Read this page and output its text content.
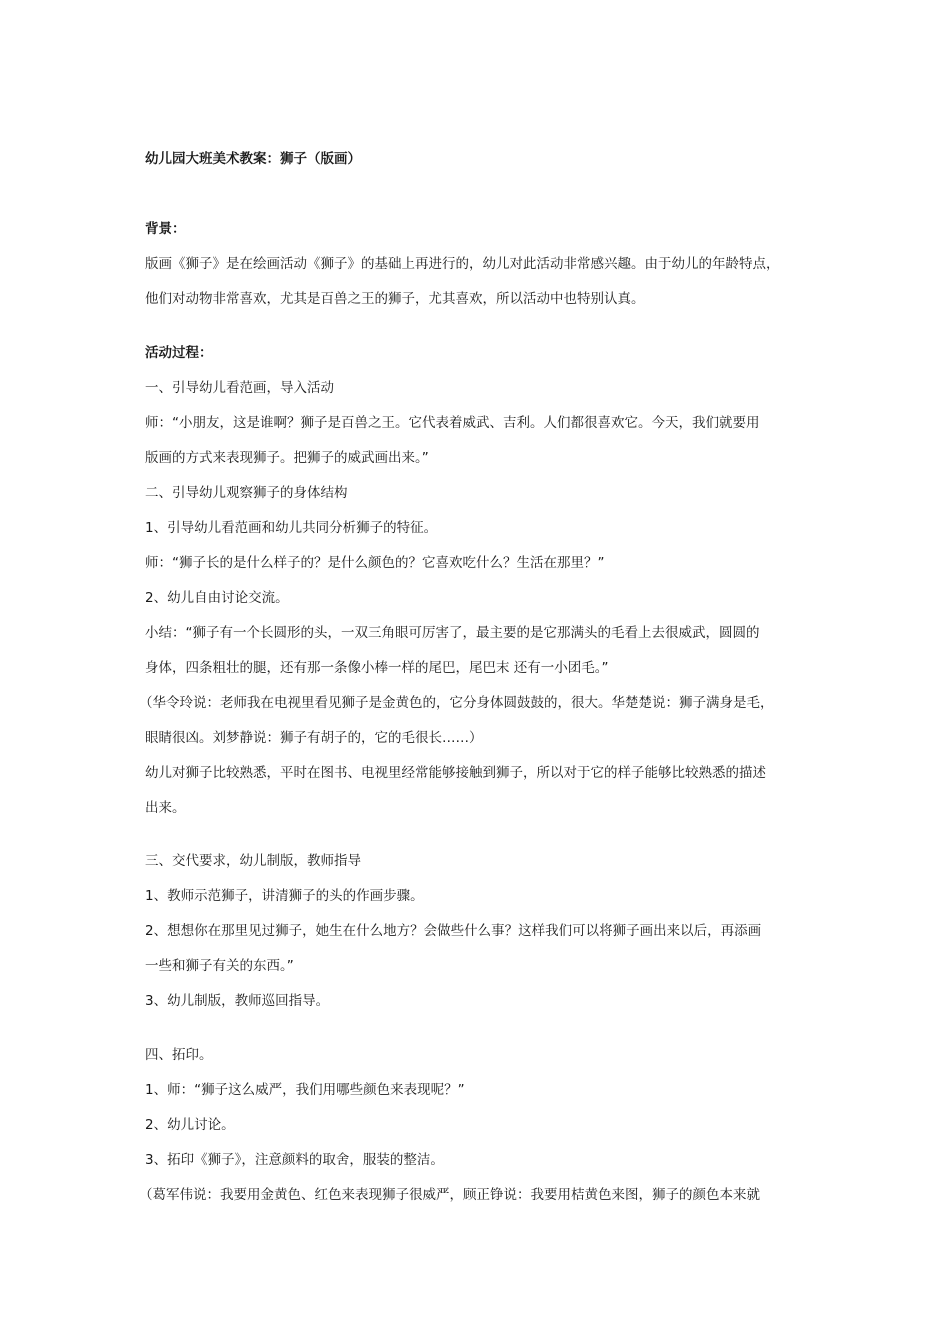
幼儿园大班美术教案：狮子（版画）
背景：
版画《狮子》是在绘画活动《狮子》的基础上再进行的，幼儿对此活动非常感兴趣。由于幼儿的年龄特点，
他们对动物非常喜欢，尤其是百兽之王的狮子，尤其喜欢，所以活动中也特别认真。
活动过程：
一、引导幼儿看范画，导入活动
师：“小朋友，这是谁啊？狮子是百兽之王。它代表着威武、吉利。人们都很喜欢它。今天，我们就要用
版画的方式来表现狮子。把狮子的威武画出来。”
二、引导幼儿观察狮子的身体结构
1、引导幼儿看范画和幼儿共同分析狮子的特征。
师：“狮子长的是什么样子的？是什么颜色的？它喜欢吃什么？生活在那里？”
2、幼儿自由讨论交流。
小结：“狮子有一个长圆形的头，一双三角眼可厉害了，最主要的是它那满头的毛看上去很威武，圆圆的
身体，四条粗壮的腿，还有那一条像小棒一样的尾巴，尾巴末 还有一小团毛。”
（华令玲说：老师我在电视里看见狮子是金黄色的，它分身体圆鼓鼓的，很大。华楚楚说：狮子满身是毛，
眼睛很凶。刘梦静说：狮子有胡子的，它的毛很长……）
幼儿对狮子比较熟悉，平时在图书、电视里经常能够接触到狮子，所以对于它的样子能够比较熟悉的描述
出来。
三、交代要求，幼儿制版，教师指导
1、教师示范狮子，讲清狮子的头的作画步骤。
2、想想你在那里见过狮子，她生在什么地方？会做些什么事？这样我们可以将狮子画出来以后，再添画
一些和狮子有关的东西。”
3、幼儿制版，教师巡回指导。
四、拓印。
1、师：“狮子这么威严，我们用哪些颜色来表现呢？”
2、幼儿讨论。
3、拓印《狮子》，注意颜料的取舍，服装的整洁。
（葛军伟说：我要用金黄色、红色来表现狮子很威严，顾正铮说：我要用桔黄色来图，狮子的颜色本来就
